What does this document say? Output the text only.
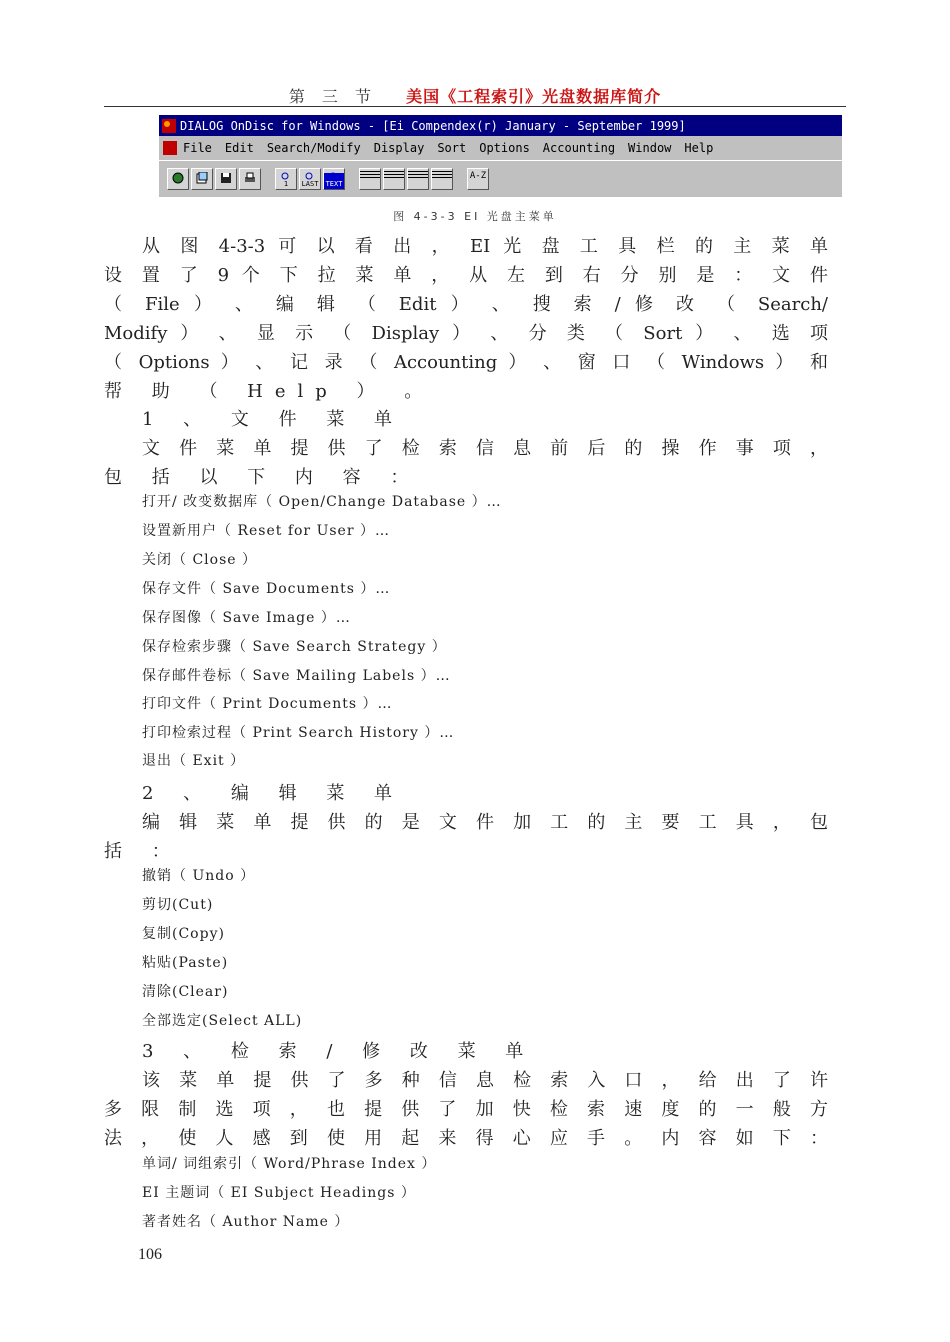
第 三 节 美国《工程索引》光盘数据库简介
DIALOG OnDisc for Windows - [Ei Compendex(r) January - September 1999]
File Edit Search/Modify Display Sort Options Accounting Window Help
1	LAST TEXT
A-Z
图 4-3-3 EI 光盘主菜单
从 图 4-3-3 可 以 看 出 ， EI 光 盘 工 具 栏 的 主 菜 单
设 置 了 9 个 下 拉 菜 单 ， 从 左 到 右 分 别 是 ： 文 件
（ File ） 、 编 辑 （ Edit ） 、 搜 索 / 修 改 （ Search/
Modify ） 、 显 示 （ Display ） 、 分 类 （ Sort ） 、 选 项
（ Options ） 、 记 录 （ Accounting ） 、 窗 口 （ Windows ） 和
帮 助 （ Help ） 。
1 、 文 件 菜 单
文 件 菜 单 提 供 了 检 索 信 息 前 后 的 操 作 事 项 ，
包 括 以 下 内 容 ：
打开/ 改变数据库（ Open/Change Database ）…
设置新用户（ Reset for User ）…
关闭（ Close ）
保存文件（ Save Documents ）…
保存图像（ Save Image ）…
保存检索步骤（ Save Search Strategy ）
保存邮件卷标（ Save Mailing Labels ）…
打印文件（ Print Documents ）…
打印检索过程（ Print Search History ）…
退出（ Exit ）
2 、 编 辑 菜 单
编 辑 菜 单 提 供 的 是 文 件 加 工 的 主 要 工 具 ， 包
括 ：
撤销（ Undo ）
剪切(Cut)
复制(Copy)
粘贴(Paste)
清除(Clear)
全部选定(Select ALL)
3 、 检 索 / 修 改 菜 单
该 菜 单 提 供 了 多 种 信 息 检 索 入 口 ， 给 出 了 许
多 限 制 选 项 ， 也 提 供 了 加 快 检 索 速 度 的 一 般 方
法 ， 使 人 感 到 使 用 起 来 得 心 应 手 。 内 容 如 下 ：
单词/ 词组索引（ Word/Phrase Index ）
EI 主题词（ EI Subject Headings ）
著者姓名（ Author Name ）
106
